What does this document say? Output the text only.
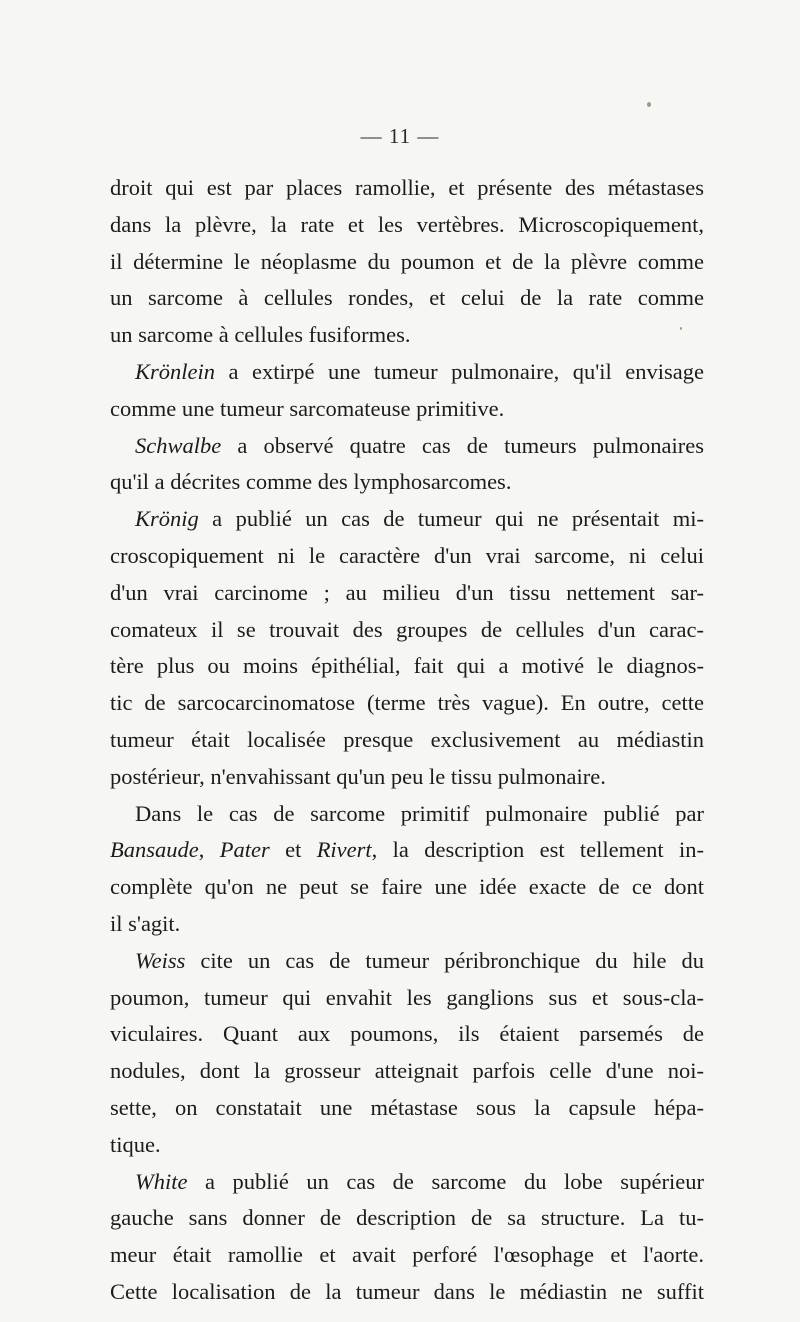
— 11 —
droit qui est par places ramollie, et présente des métastases
dans la plèvre, la rate et les vertèbres. Microscopiquement,
il détermine le néoplasme du poumon et de la plèvre comme
un sarcome à cellules rondes, et celui de la rate comme
un sarcome à cellules fusiformes.
Krönlein a extirpé une tumeur pulmonaire, qu'il envisage
comme une tumeur sarcomateuse primitive.
Schwalbe a observé quatre cas de tumeurs pulmonaires
qu'il a décrites comme des lymphosarcomes.
Krönig a publié un cas de tumeur qui ne présentait mi-
croscopiquement ni le caractère d'un vrai sarcome, ni celui
d'un vrai carcinome ; au milieu d'un tissu nettement sar-
comateux il se trouvait des groupes de cellules d'un carac-
tère plus ou moins épithélial, fait qui a motivé le diagnos-
tic de sarcocarcinomatose (terme très vague). En outre, cette
tumeur était localisée presque exclusivement au médiastin
postérieur, n'envahissant qu'un peu le tissu pulmonaire.
Dans le cas de sarcome primitif pulmonaire publié par
Bansaude, Pater et Rivert, la description est tellement in-
complète qu'on ne peut se faire une idée exacte de ce dont
il s'agit.
Weiss cite un cas de tumeur péribronchique du hile du
poumon, tumeur qui envahit les ganglions sus et sous-cla-
viculaires. Quant aux poumons, ils étaient parsemés de
nodules, dont la grosseur atteignait parfois celle d'une noi-
sette, on constatait une métastase sous la capsule hépa-
tique.
White a publié un cas de sarcome du lobe supérieur
gauche sans donner de description de sa structure. La tu-
meur était ramollie et avait perforé l'œsophage et l'aorte.
Cette localisation de la tumeur dans le médiastin ne suffit
